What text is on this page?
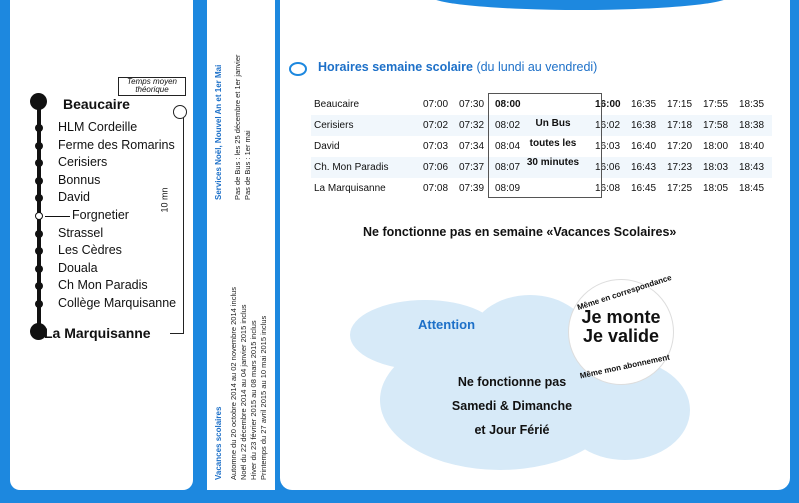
Temps moyen théorique
10 mn
Beaucaire
HLM Cordeille
Ferme des Romarins
Cerisiers
Bonnus
David
Forgnetier
Strassel
Les Cèdres
Douala
Ch Mon Paradis
Collège Marquisanne
La Marquisanne
Services Noël, Nouvel An et 1er Mai Pas de Bus : les 25 décembre et 1er janvier Pas de Bus : 1er mai
Vacances scolaires Automne du 20 octobre 2014 au 02 novembre 2014 inclus Noël du 22 décembre 2014 au 04 janvier 2015 inclus Hiver du 23 février 2015 au 08 mars 2015 inclus Printemps du 27 avril 2015 au 10 mai 2015 inclus
Horaires semaine scolaire (du lundi au vendredi)
Beaucaire	07:00	07:30	08:00		16:00	16:35	17:15	17:55	18:35
Cerisiers	07:02	07:32	08:02		16:02	16:38	17:18	17:58	18:38
David	07:03	07:34	08:04		16:03	16:40	17:20	18:00	18:40
Ch. Mon Paradis	07:06	07:37	08:07		16:06	16:43	17:23	18:03	18:43
La Marquisanne	07:08	07:39	08:09		16:08	16:45	17:25	18:05	18:45
Un Bus
toutes les
30 minutes
Ne fonctionne pas en semaine «Vacances Scolaires»
Attention
Ne fonctionne pas
Samedi & Dimanche
et Jour Férié
Même en correspondance
Je monte
Je valide
Même mon abonnement
